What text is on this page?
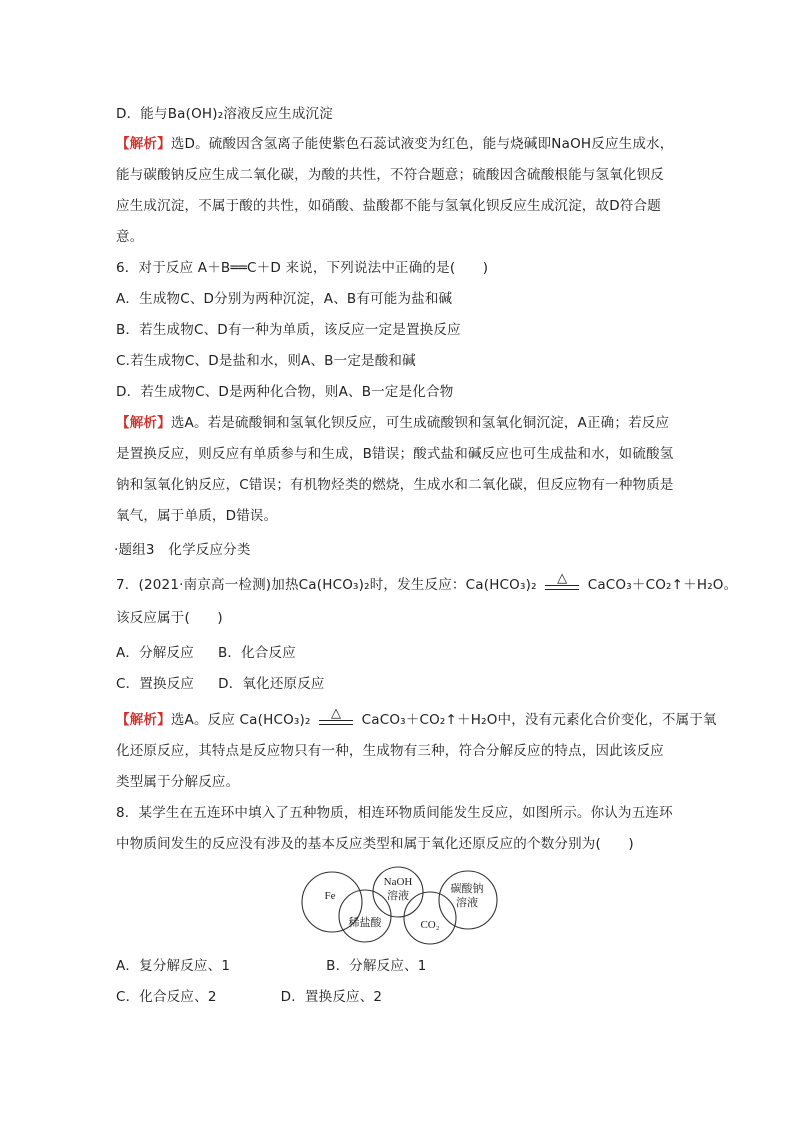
D．能与Ba(OH)₂溶液反应生成沉淀
【解析】选D。硫酸因含氢离子能使紫色石蕊试液变为红色，能与烧碱即NaOH反应生成水，
能与碳酸钠反应生成二氧化碳，为酸的共性，不符合题意；硫酸因含硫酸根能与氢氧化钡反
应生成沉淀，不属于酸的共性，如硝酸、盐酸都不能与氢氧化钡反应生成沉淀，故D符合题
意。
6．对于反应 A＋B══C＋D 来说，下列说法中正确的是(　　)
A．生成物C、D分别为两种沉淀，A、B有可能为盐和碱
B．若生成物C、D有一种为单质，该反应一定是置换反应
C.若生成物C、D是盐和水，则A、B一定是酸和碱
D．若生成物C、D是两种化合物，则A、B一定是化合物
【解析】选A。若是硫酸铜和氢氧化钡反应，可生成硫酸钡和氢氧化铜沉淀，A正确；若反应
是置换反应，则反应有单质参与和生成，B错误；酸式盐和碱反应也可生成盐和水，如硫酸氢
钠和氢氧化钠反应，C错误；有机物烃类的燃烧，生成水和二氧化碳，但反应物有一种物质是
氧气，属于单质，D错误。
·题组3　化学反应分类
7．(2021·南京高一检测)加热Ca(HCO₃)₂时，发生反应：Ca(HCO₃)₂	△	CaCO₃＋CO₂↑＋H₂O。
该反应属于(　　)
A．分解反应 B．化合反应
C．置换反应 D．氧化还原反应
【解析】选A。反应 Ca(HCO₃)₂	△	CaCO₃＋CO₂↑＋H₂O中，没有元素化合价变化，不属于氧
化还原反应，其特点是反应物只有一种，生成物有三种，符合分解反应的特点，因此该反应
类型属于分解反应。
8．某学生在五连环中填入了五种物质，相连环物质间能发生反应，如图所示。你认为五连环
中物质间发生的反应没有涉及的基本反应类型和属于氧化还原反应的个数分别为(　　)
Fe
NaOH
溶液
碳酸钠
溶液
稀盐酸	CO₂
A．复分解反应、1	B．分解反应、1
C．化合反应、2	D．置换反应、2
